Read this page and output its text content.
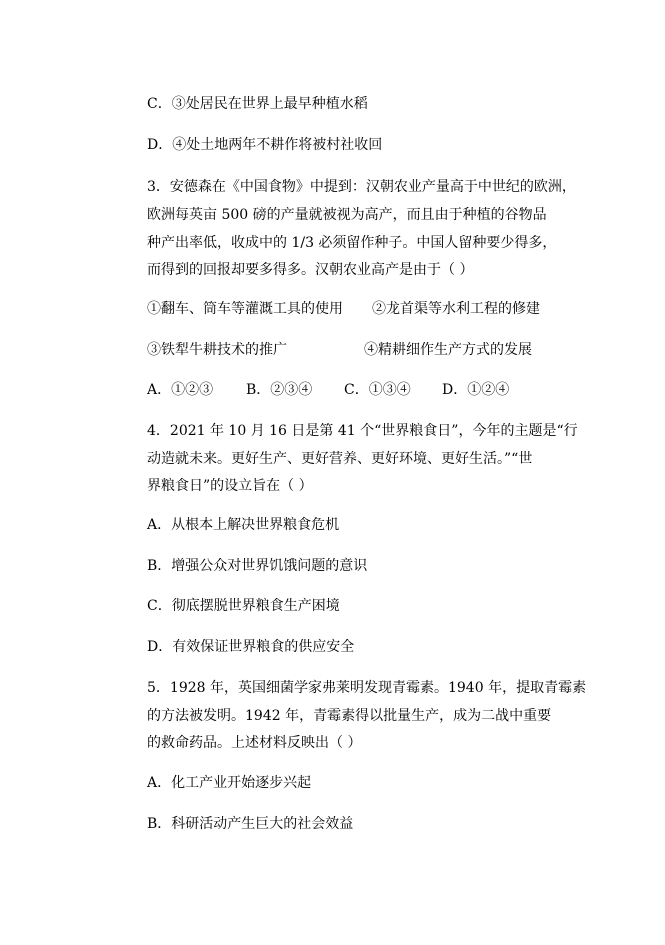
C．③处居民在世界上最早种植水稻
D．④处土地两年不耕作将被村社收回
3．安德森在《中国食物》中提到：汉朝农业产量高于中世纪的欧洲，
欧洲每英亩 500 磅的产量就被视为高产，而且由于种植的谷物品
种产出率低，收成中的 1/3 必须留作种子。中国人留种要少得多，
而得到的回报却要多得多。汉朝农业高产是由于（ ）
①翻车、筒车等灌溉工具的使用 ②龙首渠等水利工程的修建
③铁犁牛耕技术的推广	④精耕细作生产方式的发展
A．①②③ B．②③④ C．①③④ D．①②④
4．2021 年 10 月 16 日是第 41 个“世界粮食日”，今年的主题是“行
动造就未来。更好生产、更好营养、更好环境、更好生活。”“世
界粮食日”的设立旨在（ ）
A．从根本上解决世界粮食危机
B．增强公众对世界饥饿问题的意识
C．彻底摆脱世界粮食生产困境
D．有效保证世界粮食的供应安全
5．1928 年，英国细菌学家弗莱明发现青霉素。1940 年，提取青霉素
的方法被发明。1942 年，青霉素得以批量生产，成为二战中重要
的救命药品。上述材料反映出（ ）
A．化工产业开始逐步兴起
B．科研活动产生巨大的社会效益
